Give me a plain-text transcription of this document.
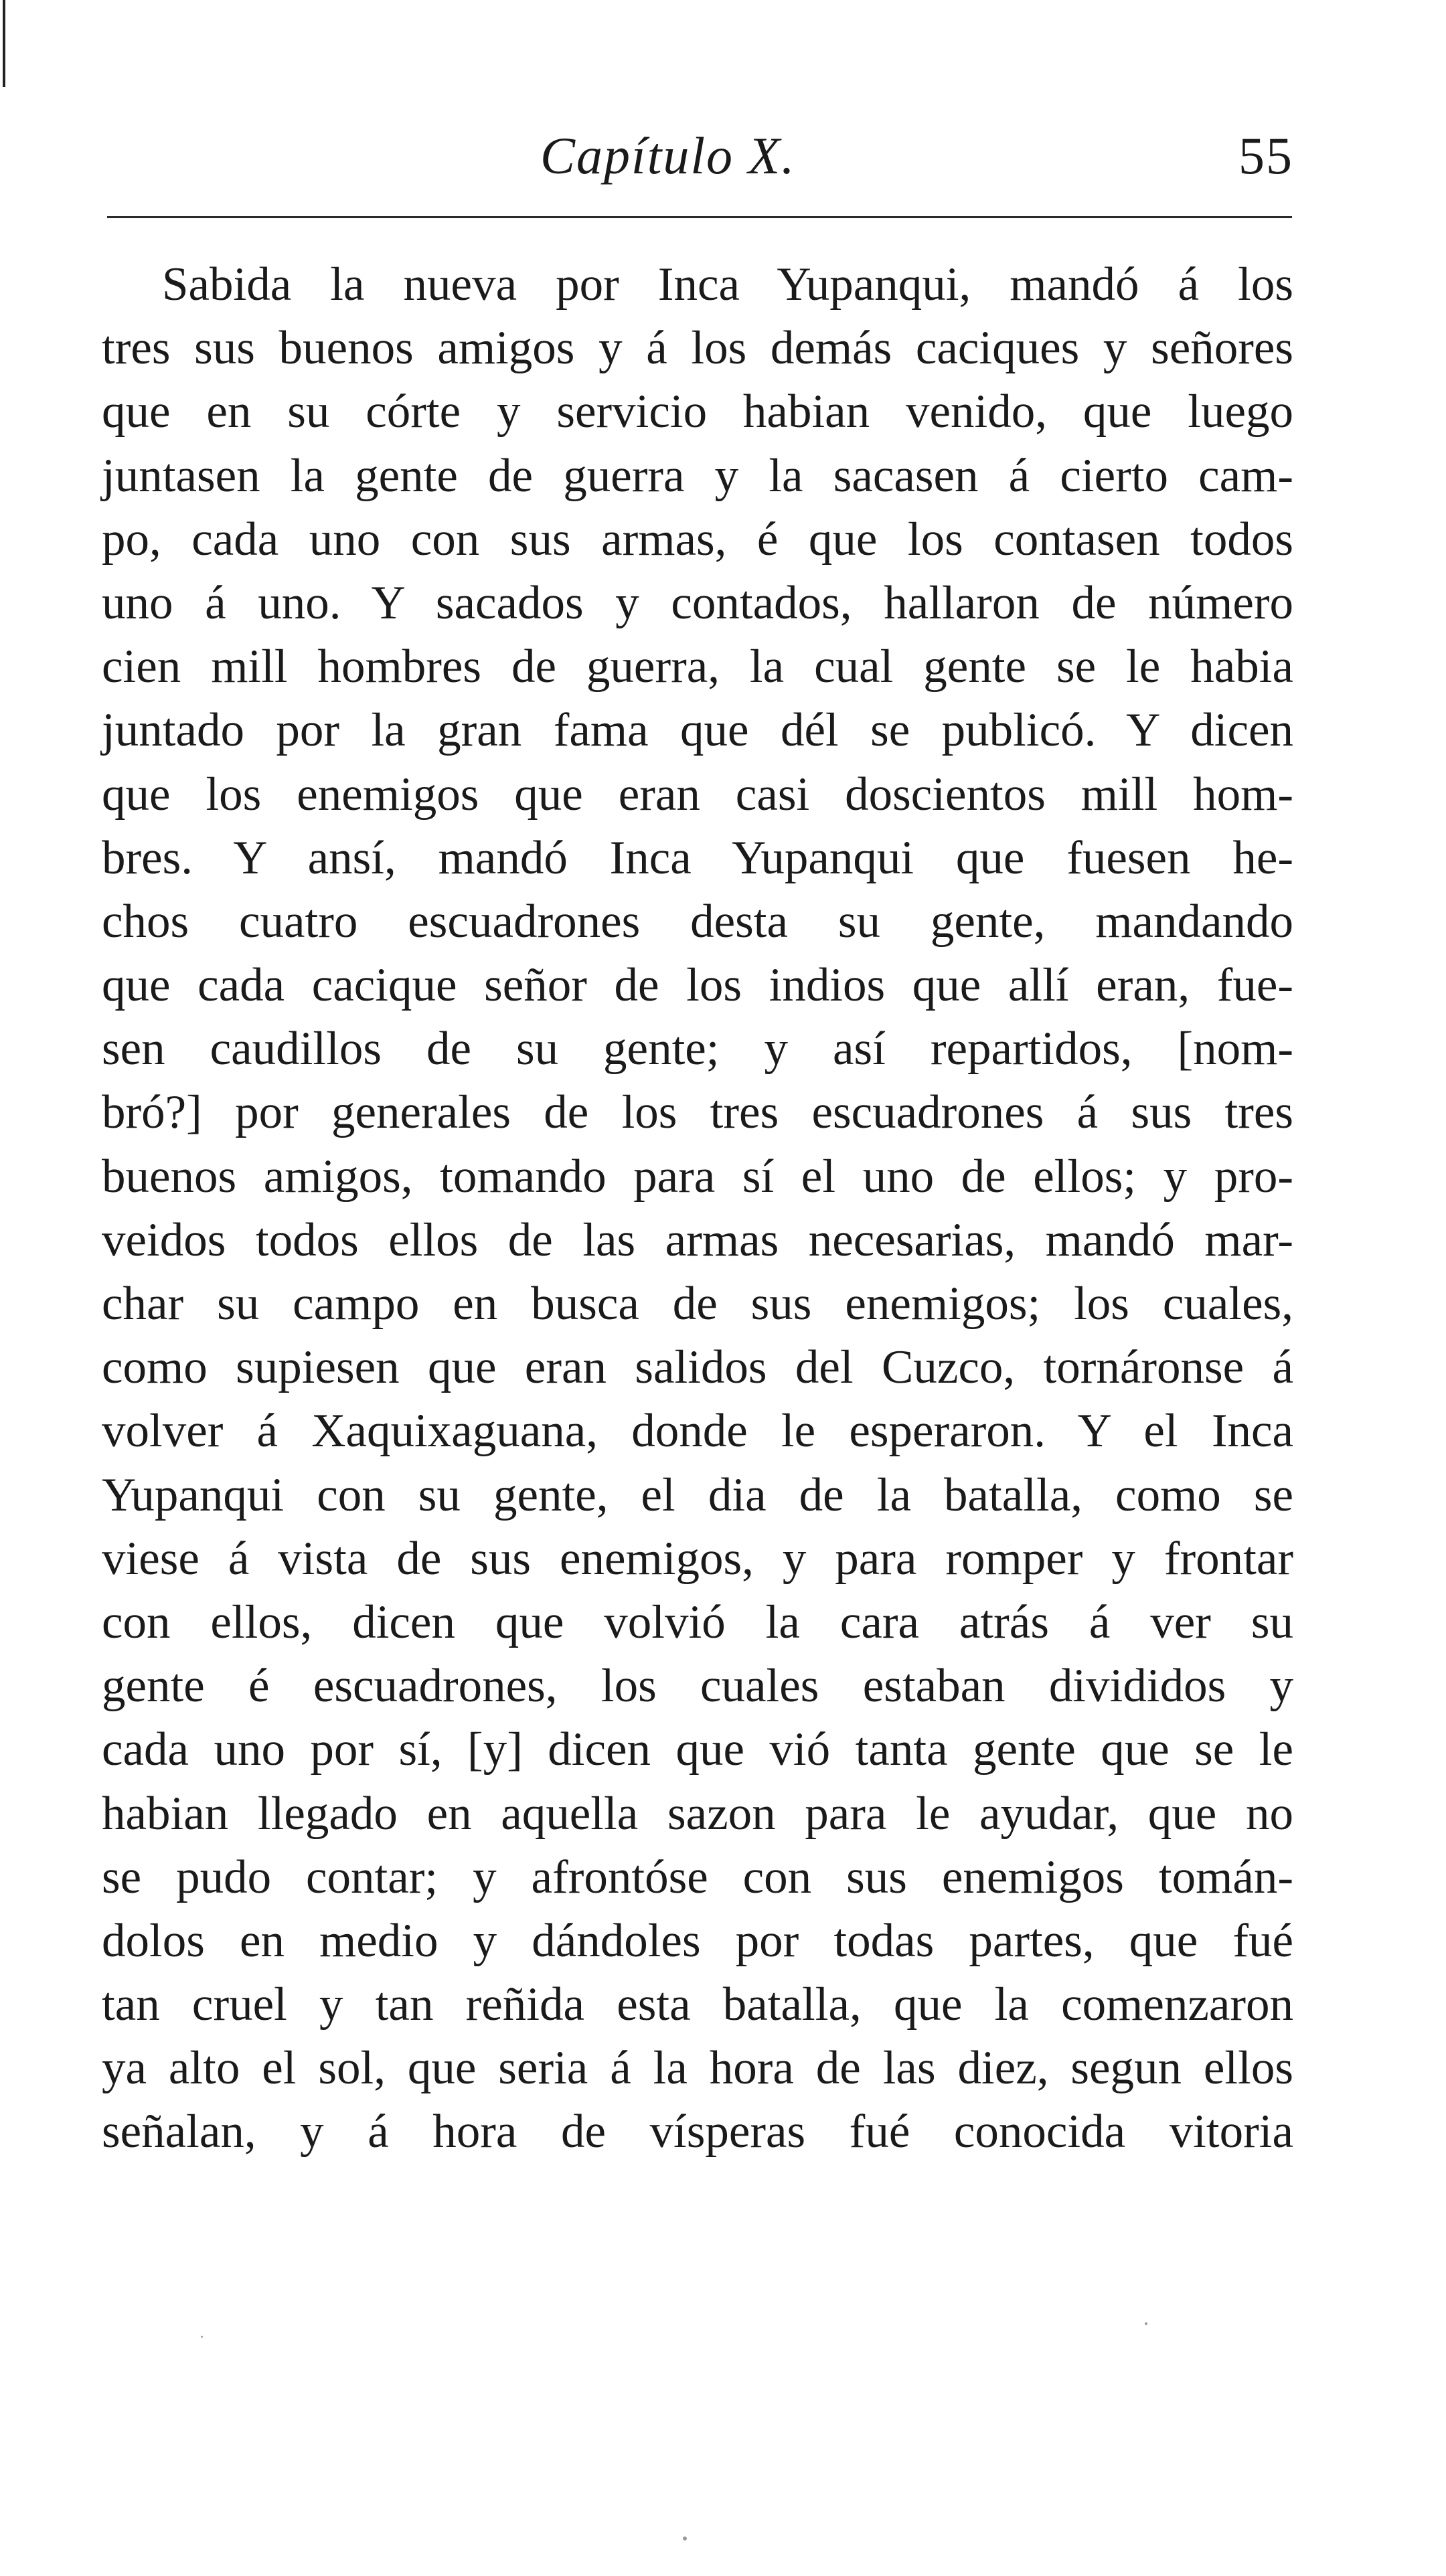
Capítulo X.	55
Sabida la nueva por Inca Yupanqui, mandó á los
tres sus buenos amigos y á los demás caciques y señores
que en su córte y servicio habian venido, que luego
juntasen la gente de guerra y la sacasen á cierto cam-
po, cada uno con sus armas, é que los contasen todos
uno á uno. Y sacados y contados, hallaron de número
cien mill hombres de guerra, la cual gente se le habia
juntado por la gran fama que dél se publicó. Y dicen
que los enemigos que eran casi doscientos mill hom-
bres. Y ansí, mandó Inca Yupanqui que fuesen he-
chos cuatro escuadrones desta su gente, mandando
que cada cacique señor de los indios que allí eran, fue-
sen caudillos de su gente; y así repartidos, [nom-
bró?] por generales de los tres escuadrones á sus tres
buenos amigos, tomando para sí el uno de ellos; y pro-
veidos todos ellos de las armas necesarias, mandó mar-
char su campo en busca de sus enemigos; los cuales,
como supiesen que eran salidos del Cuzco, tornáronse á
volver á Xaquixaguana, donde le esperaron. Y el Inca
Yupanqui con su gente, el dia de la batalla, como se
viese á vista de sus enemigos, y para romper y frontar
con ellos, dicen que volvió la cara atrás á ver su
gente é escuadrones, los cuales estaban divididos y
cada uno por sí, [y] dicen que vió tanta gente que se le
habian llegado en aquella sazon para le ayudar, que no
se pudo contar; y afrontóse con sus enemigos tomán-
dolos en medio y dándoles por todas partes, que fué
tan cruel y tan reñida esta batalla, que la comenzaron
ya alto el sol, que seria á la hora de las diez, segun ellos
señalan, y á hora de vísperas fué conocida vitoria
